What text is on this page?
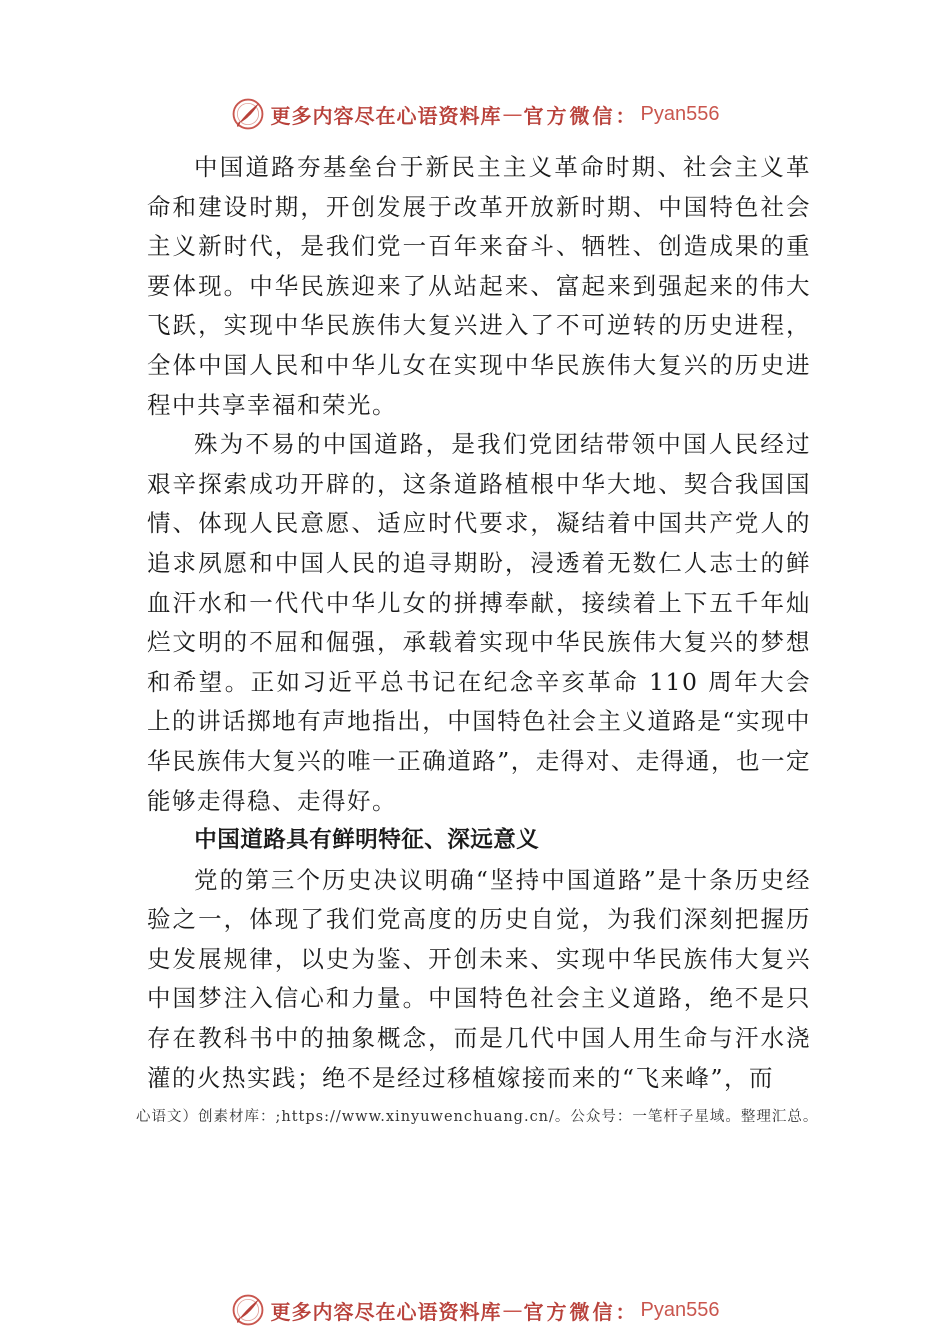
更多内容尽在心语资料库 — 官方微信： Pyan556

中国道路夯基垒台于新民主主义革命时期、社会主义革命和建设时期，开创发展于改革开放新时期、中国特色社会主义新时代，是我们党一百年来奋斗、牺牲、创造成果的重要体现。中华民族迎来了从站起来、富起来到强起来的伟大飞跃，实现中华民族伟大复兴进入了不可逆转的历史进程，全体中国人民和中华儿女在实现中华民族伟大复兴的历史进程中共享幸福和荣光。

殊为不易的中国道路，是我们党团结带领中国人民经过艰辛探索成功开辟的，这条道路植根中华大地、契合我国国情、体现人民意愿、适应时代要求，凝结着中国共产党人的追求夙愿和中国人民的追寻期盼，浸透着无数仁人志士的鲜血汗水和一代代中华儿女的拼搏奉献，接续着上下五千年灿烂文明的不屈和倔强，承载着实现中华民族伟大复兴的梦想和希望。正如习近平总书记在纪念辛亥革命 110 周年大会上的讲话掷地有声地指出，中国特色社会主义道路是“实现中华民族伟大复兴的唯一正确道路”，走得对、走得通，也一定能够走得稳、走得好。

中国道路具有鲜明特征、深远意义

党的第三个历史决议明确“坚持中国道路”是十条历史经验之一，体现了我们党高度的历史自觉，为我们深刻把握历史发展规律，以史为鉴、开创未来、实现中华民族伟大复兴中国梦注入信心和力量。中国特色社会主义道路，绝不是只存在教科书中的抽象概念，而是几代中国人用生命与汗水浇灌的火热实践；绝不是经过移植嫁接而来的“飞来峰”，而

心语文）创素材库：;https://www.xinyuwenchuang.cn/。公众号：一笔杆子星域。整理汇总。
更多内容尽在心语资料库 — 官方微信： Pyan556
